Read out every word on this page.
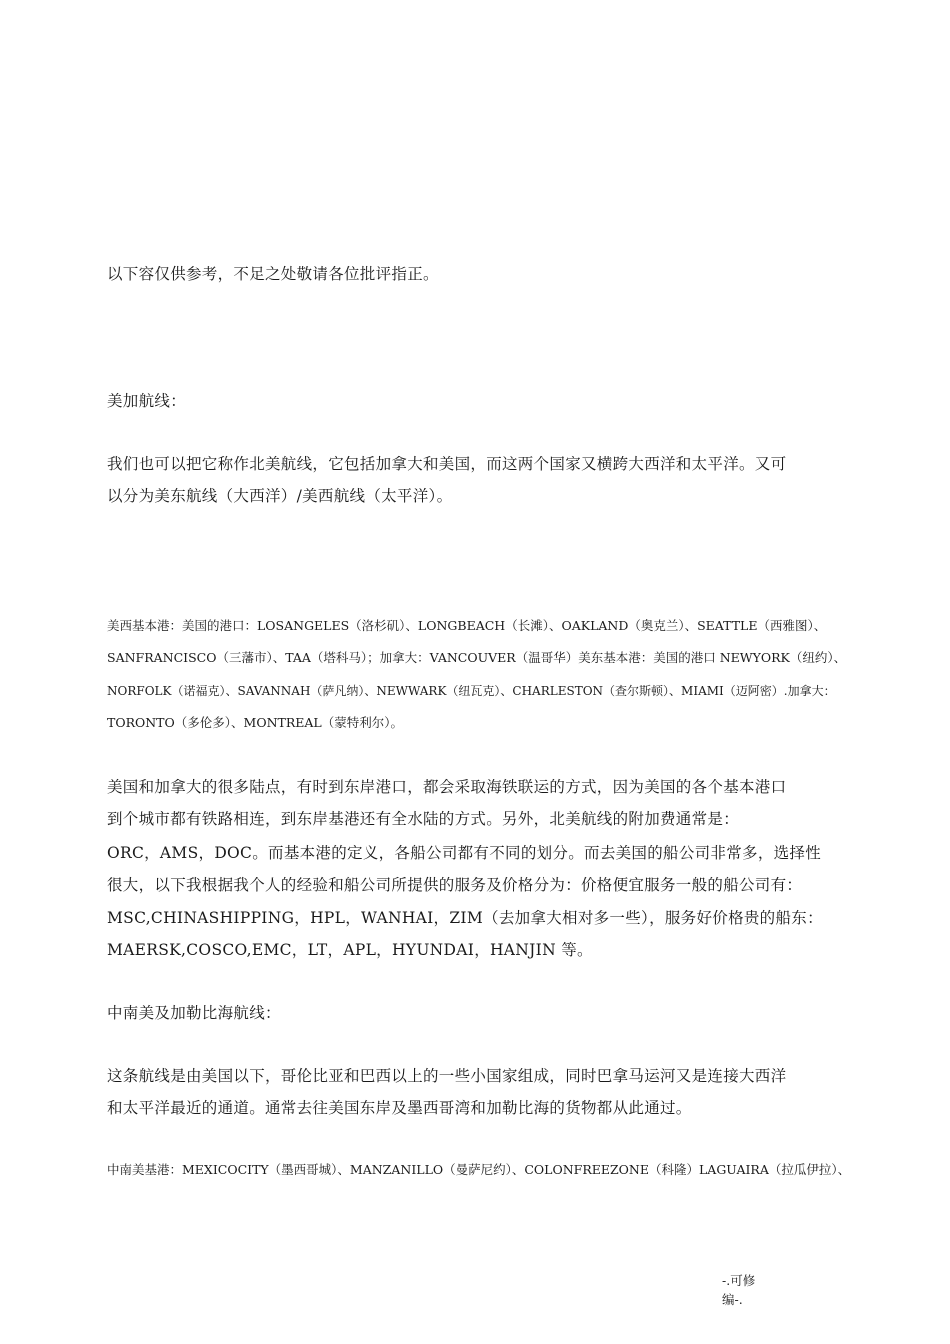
以下容仅供参考，不足之处敬请各位批评指正。
美加航线：
我们也可以把它称作北美航线，它包括加拿大和美国，而这两个国家又横跨大西洋和太平洋。又可
以分为美东航线（大西洋）/美西航线（太平洋）。
美西基本港：美国的港口：LOSANGELES（洛杉矶）、LONGBEACH（长滩）、OAKLAND（奥克兰）、SEATTLE（西雅图）、
SANFRANCISCO（三藩市）、TAA（塔科马）；加拿大：VANCOUVER（温哥华）美东基本港：美国的港口 NEWYORK（纽约）、
NORFOLK（诺福克）、SAVANNAH（萨凡纳）、NEWWARK（纽瓦克）、CHARLESTON（查尔斯顿）、MIAMI（迈阿密）.加拿大：
TORONTO（多伦多）、MONTREAL（蒙特利尔）。
美国和加拿大的很多陆点，有时到东岸港口，都会采取海铁联运的方式，因为美国的各个基本港口
到个城市都有铁路相连，到东岸基港还有全水陆的方式。另外，北美航线的附加费通常是：
ORC，AMS，DOC。而基本港的定义，各船公司都有不同的划分。而去美国的船公司非常多，选择性
很大，以下我根据我个人的经验和船公司所提供的服务及价格分为：价格便宜服务一般的船公司有：
MSC,CHINASHIPPING，HPL，WANHAI，ZIM（去加拿大相对多一些），服务好价格贵的船东：
MAERSK,COSCO,EMC，LT，APL，HYUNDAI，HANJIN 等。
中南美及加勒比海航线：
这条航线是由美国以下，哥伦比亚和巴西以上的一些小国家组成，同时巴拿马运河又是连接大西洋
和太平洋最近的通道。通常去往美国东岸及墨西哥湾和加勒比海的货物都从此通过。
中南美基港：MEXICOCITY（墨西哥城）、MANZANILLO（曼萨尼约）、COLONFREEZONE（科隆）LAGUAIRA（拉瓜伊拉）、
-.可修
编-.
